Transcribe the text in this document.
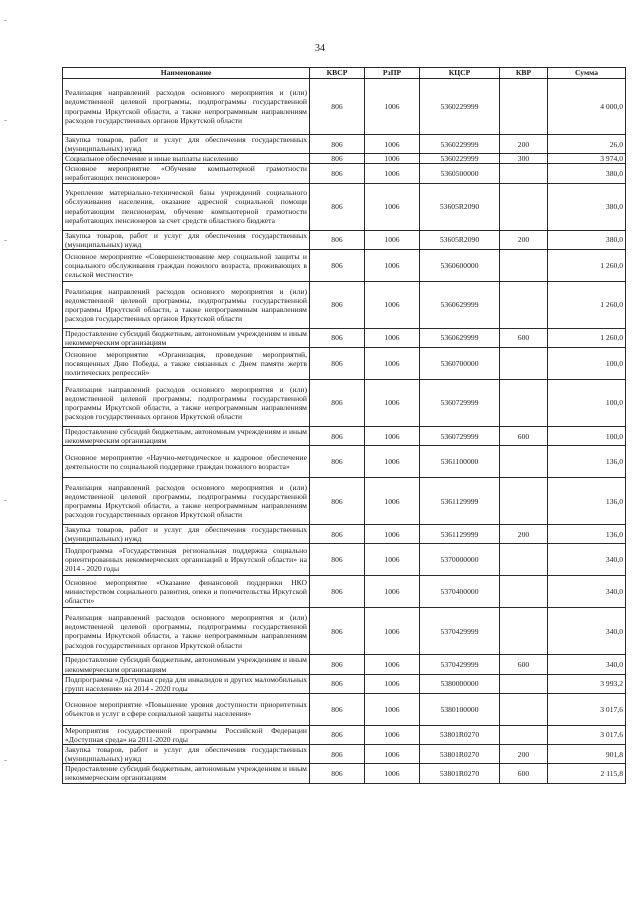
34
Наименование	КВСР	РзПР	КЦСР	КВР	Сумма
Реализация направлений расходов основного мероприятия и (или) ведомственной целевой программы, подпрограммы государственной программы Иркутской области, а также непрограммным направлениям расходов государственных органов Иркутской области	806	1006	5360229999		4 000,0
Закупка товаров, работ и услуг для обеспечения государственных (муниципальных) нужд	806	1006	5360229999	200	26,0
Социальное обеспечение и иные выплаты населению	806	1006	5360229999	300	3 974,0
Основное мероприятие «Обучение компьютерной грамотности неработающих пенсионеров»	806	1006	5360500000		380,0
Укрепление материально-технической базы учреждений социального обслуживания населения, оказание адресной социальной помощи неработающим пенсионерам, обучение компьютерной грамотности неработающих пенсионеров за счет средств областного бюджета	806	1006	53605R2090		380,0
Закупка товаров, работ и услуг для обеспечения государственных (муниципальных) нужд	806	1006	53605R2090	200	380,0
Основное мероприятие «Совершенствование мер социальной защиты и социального обслуживания граждан пожилого возраста, проживающих в сельской местности»	806	1006	5360600000		1 260,0
Реализация направлений расходов основного мероприятия и (или) ведомственной целевой программы, подпрограммы государственной программы Иркутской области, а также непрограммным направлениям расходов государственных органов Иркутской области	806	1006	5360629999		1 260,0
Предоставление субсидий бюджетным, автономным учреждениям и иным некоммерческим организациям	806	1006	5360629999	600	1 260,0
Основное мероприятие «Организация, проведение мероприятий, посвященных Дню Победы, а также связанных с Днем памяти жертв политических репрессий»	806	1006	5360700000		100,0
Реализация направлений расходов основного мероприятия и (или) ведомственной целевой программы, подпрограммы государственной программы Иркутской области, а также непрограммным направлениям расходов государственных органов Иркутской области	806	1006	5360729999		100,0
Предоставление субсидий бюджетным, автономным учреждениям и иным некоммерческим организациям	806	1006	5360729999	600	100,0
Основное мероприятие «Научно-методическое и кадровое обеспечение деятельности по социальной поддержке граждан пожилого возраста»	806	1006	5361100000		136,0
Реализация направлений расходов основного мероприятия и (или) ведомственной целевой программы, подпрограммы государственной программы Иркутской области, а также непрограммным направлениям расходов государственных органов Иркутской области	806	1006	5361129999		136,0
Закупка товаров, работ и услуг для обеспечения государственных (муниципальных) нужд	806	1006	5361129999	200	136,0
Подпрограмма «Государственная региональная поддержка социально ориентированных некоммерческих организаций в Иркутской области» на 2014 - 2020 годы	806	1006	5370000000		340,0
Основное мероприятие «Оказание финансовой поддержки НКО министерством социального развития, опеки и попечительства Иркутской области»	806	1006	5370400000		340,0
Реализация направлений расходов основного мероприятия и (или) ведомственной целевой программы, подпрограммы государственной программы Иркутской области, а также непрограммным направлениям расходов государственных органов Иркутской области	806	1006	5370429999		340,0
Предоставление субсидий бюджетным, автономным учреждениям и иным некоммерческим организациям	806	1006	5370429999	600	340,0
Подпрограмма «Доступная среда для инвалидов и других маломобильных групп населения» на 2014 - 2020 годы	806	1006	5380000000		3 993,2
Основное мероприятие «Повышение уровня доступности приоритетных объектов и услуг в сфере социальной защиты населения»	806	1006	5380100000		3 017,6
Мероприятия государственной программы Российской Федерации «Доступная среда» на 2011-2020 годы	806	1006	53801R0270		3 017,6
Закупка товаров, работ и услуг для обеспечения государственных (муниципальных) нужд	806	1006	53801R0270	200	901,8
Предоставление субсидий бюджетным, автономным учреждениям и иным некоммерческим организациям	806	1006	53801R0270	600	2 115,8
